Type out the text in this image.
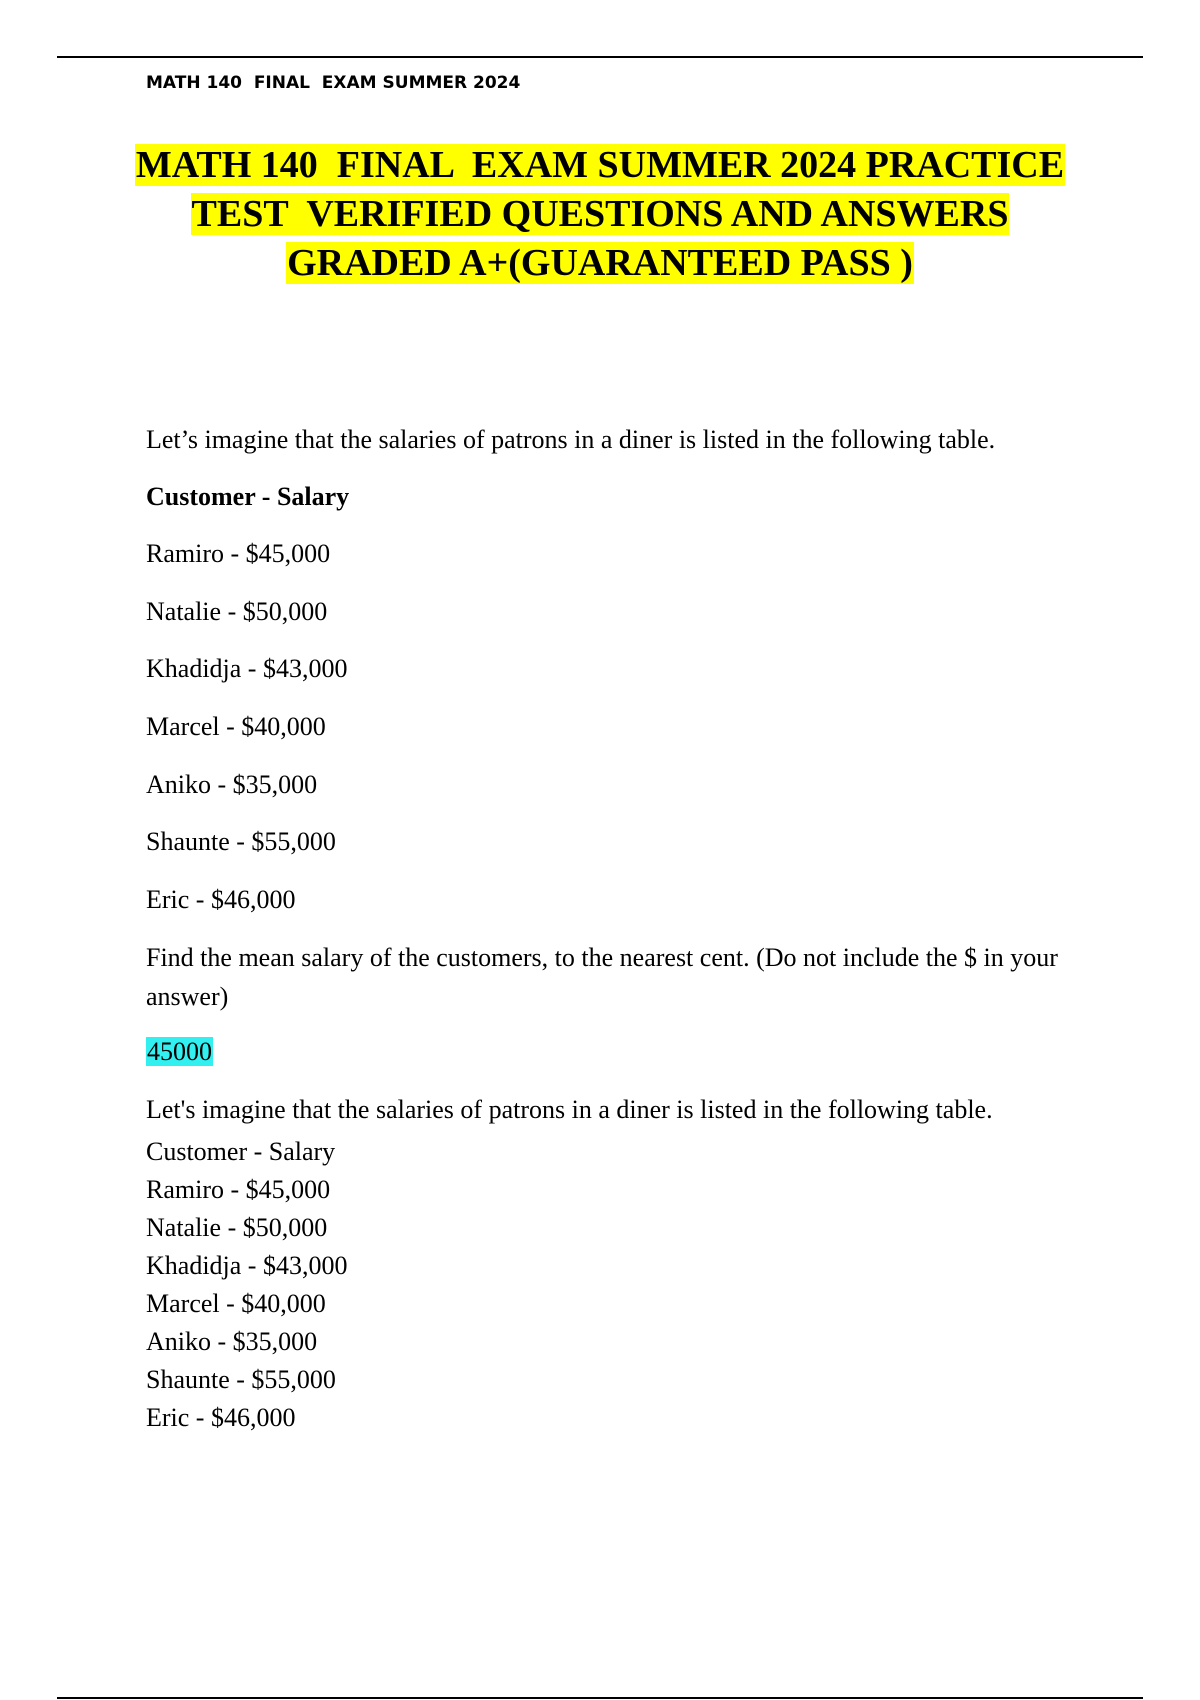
MATH 140  FINAL  EXAM SUMMER 2024
MATH 140  FINAL  EXAM SUMMER 2024 PRACTICE
TEST  VERIFIED QUESTIONS AND ANSWERS
GRADED A+(GUARANTEED PASS )
Let’s imagine that the salaries of patrons in a diner is listed in the following table.
Customer - Salary
Ramiro - $45,000
Natalie - $50,000
Khadidja - $43,000
Marcel - $40,000
Aniko - $35,000
Shaunte - $55,000
Eric - $46,000
Find the mean salary of the customers, to the nearest cent. (Do not include the $ in your answer)
45000
Let's imagine that the salaries of patrons in a diner is listed in the following table.
Customer - Salary
Ramiro - $45,000
Natalie - $50,000
Khadidja - $43,000
Marcel - $40,000
Aniko - $35,000
Shaunte - $55,000
Eric - $46,000
